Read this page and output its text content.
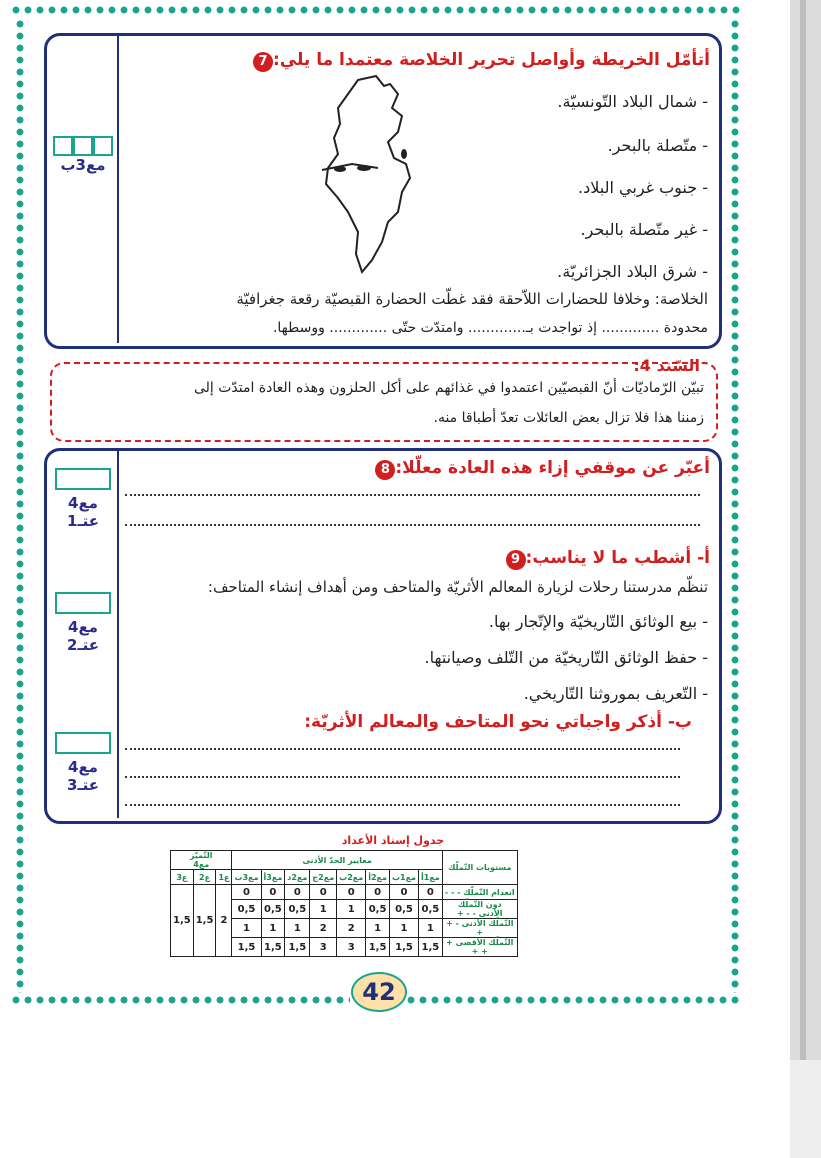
مع3ب
أتأمّل الخريطة وأواصل تحرير الخلاصة معتمدا ما يلي:7
- شمال البلاد التّونسيّة.
- متّصلة بالبحر.
- جنوب غربي البلاد.
- غير متّصلة بالبحر.
- شرق البلاد الجزائريّة.
الخلاصة: وخلافا للحضارات اللاّحقة فقد غطّت الحضارة القبصيّة رقعة جغرافيّة
محدودة ............. إذ تواجدت بـ............. وامتدّت حتّى ............. ووسطها.
السّند 4:
تبيّن الرّماديّات أنّ القبصيّين اعتمدوا في غذائهم على أكل الحلزون وهذه العادة امتدّت إلى
زمننا هذا فلا تزال بعض العائلات تعدّ أطباقا منه.
مع4
عتـ1
أعبّر عن موقفي إزاء هذه العادة معلّلا:8
مع4
عتـ2
أ- أشطب ما لا يناسب:9
تنظّم مدرستنا رحلات لزيارة المعالم الأثريّة والمتاحف ومن أهداف إنشاء المتاحف:
- بيع الوثائق التّاريخيّة والإتّجار بها.
- حفظ الوثائق التّاريخيّة من التّلف وصيانتها.
- التّعريف بموروثنا التّاريخي.
مع4
عتـ3
ب- أذكر واجباتي نحو المتاحف والمعالم الأثريّة:
جدول إسناد الأعداد
مستويات التّملّك	معايير الحدّ الأدنى								التّميّز
مع4		

	مع1أ	مع1ب	مع2أ	مع2ب	مع2ج	مع2د	مع3أ	مع3ب	ع1	ع2	ع3
انعدام التّملّك - - -	0	0	0	0	0	0	0	0	2	1,5	1,5
دون التّملّك الأدنى - - +	0,5	0,5	0,5	1	1	0,5	0,5	0,5			
التّملّك الأدنى - + +	1	1	1	2	2	1	1	1			
التّملّك الأقصى + + +	1,5	1,5	1,5	3	3	1,5	1,5	1,5			
42
